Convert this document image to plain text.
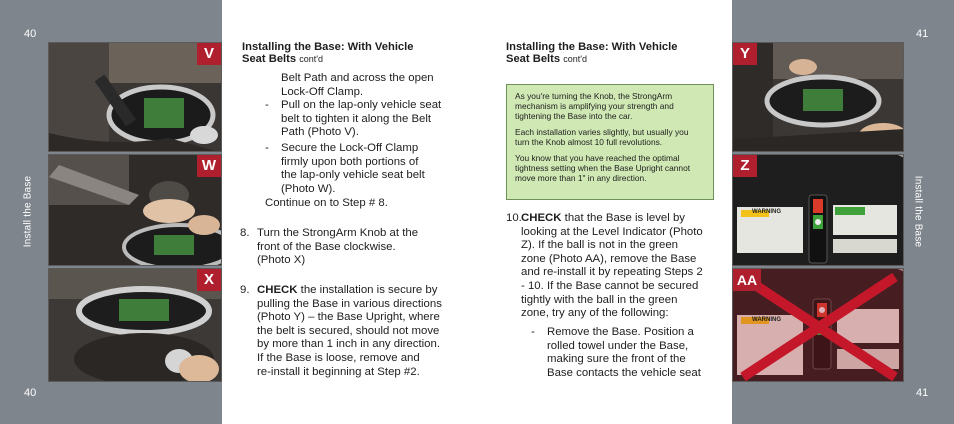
40
40
Install the Base
V
W
X
Installing the Base: With Vehicle
Seat Belts cont'd
Belt Path and across the open
Lock-Off Clamp.
-	Pull on the lap-only vehicle seat
belt to tighten it along the Belt
Path (Photo V).
-	Secure the Lock-Off Clamp
firmly upon both portions of
the lap-only vehicle seat belt
(Photo W).
Continue on to Step # 8.
8. Turn the StrongArm Knob at the
front of the Base clockwise.
(Photo X)
9. CHECK the installation is secure by
pulling the Base in various directions
(Photo Y) – the Base Upright, where
the belt is secured, should not move
by more than 1 inch in any direction.
If the Base is loose, remove and
re-install it beginning at Step #2.
Installing the Base: With Vehicle
Seat Belts cont'd

As you're turning the Knob, the StrongArm mechanism is amplifying your strength and tightening the Base into the car.

Each installation varies slightly, but usually you turn the Knob almost 10 full revolutions.

You know that you have reached the optimal tightness setting when the Base Upright cannot move more than 1" in any direction.

10. CHECK that the Base is level by
looking at the Level Indicator (Photo
Z). If the ball is not in the green
zone (Photo AA), remove the Base
and re-install it by repeating Steps 2
- 10. If the Base cannot be secured
tightly with the ball in the green
zone, try any of the following:
-	Remove the Base. Position a
rolled towel under the Base,
making sure the front of the
Base contacts the vehicle seat
41
41
Install the Base
Y
Z
WARNING
AA
WARNING
